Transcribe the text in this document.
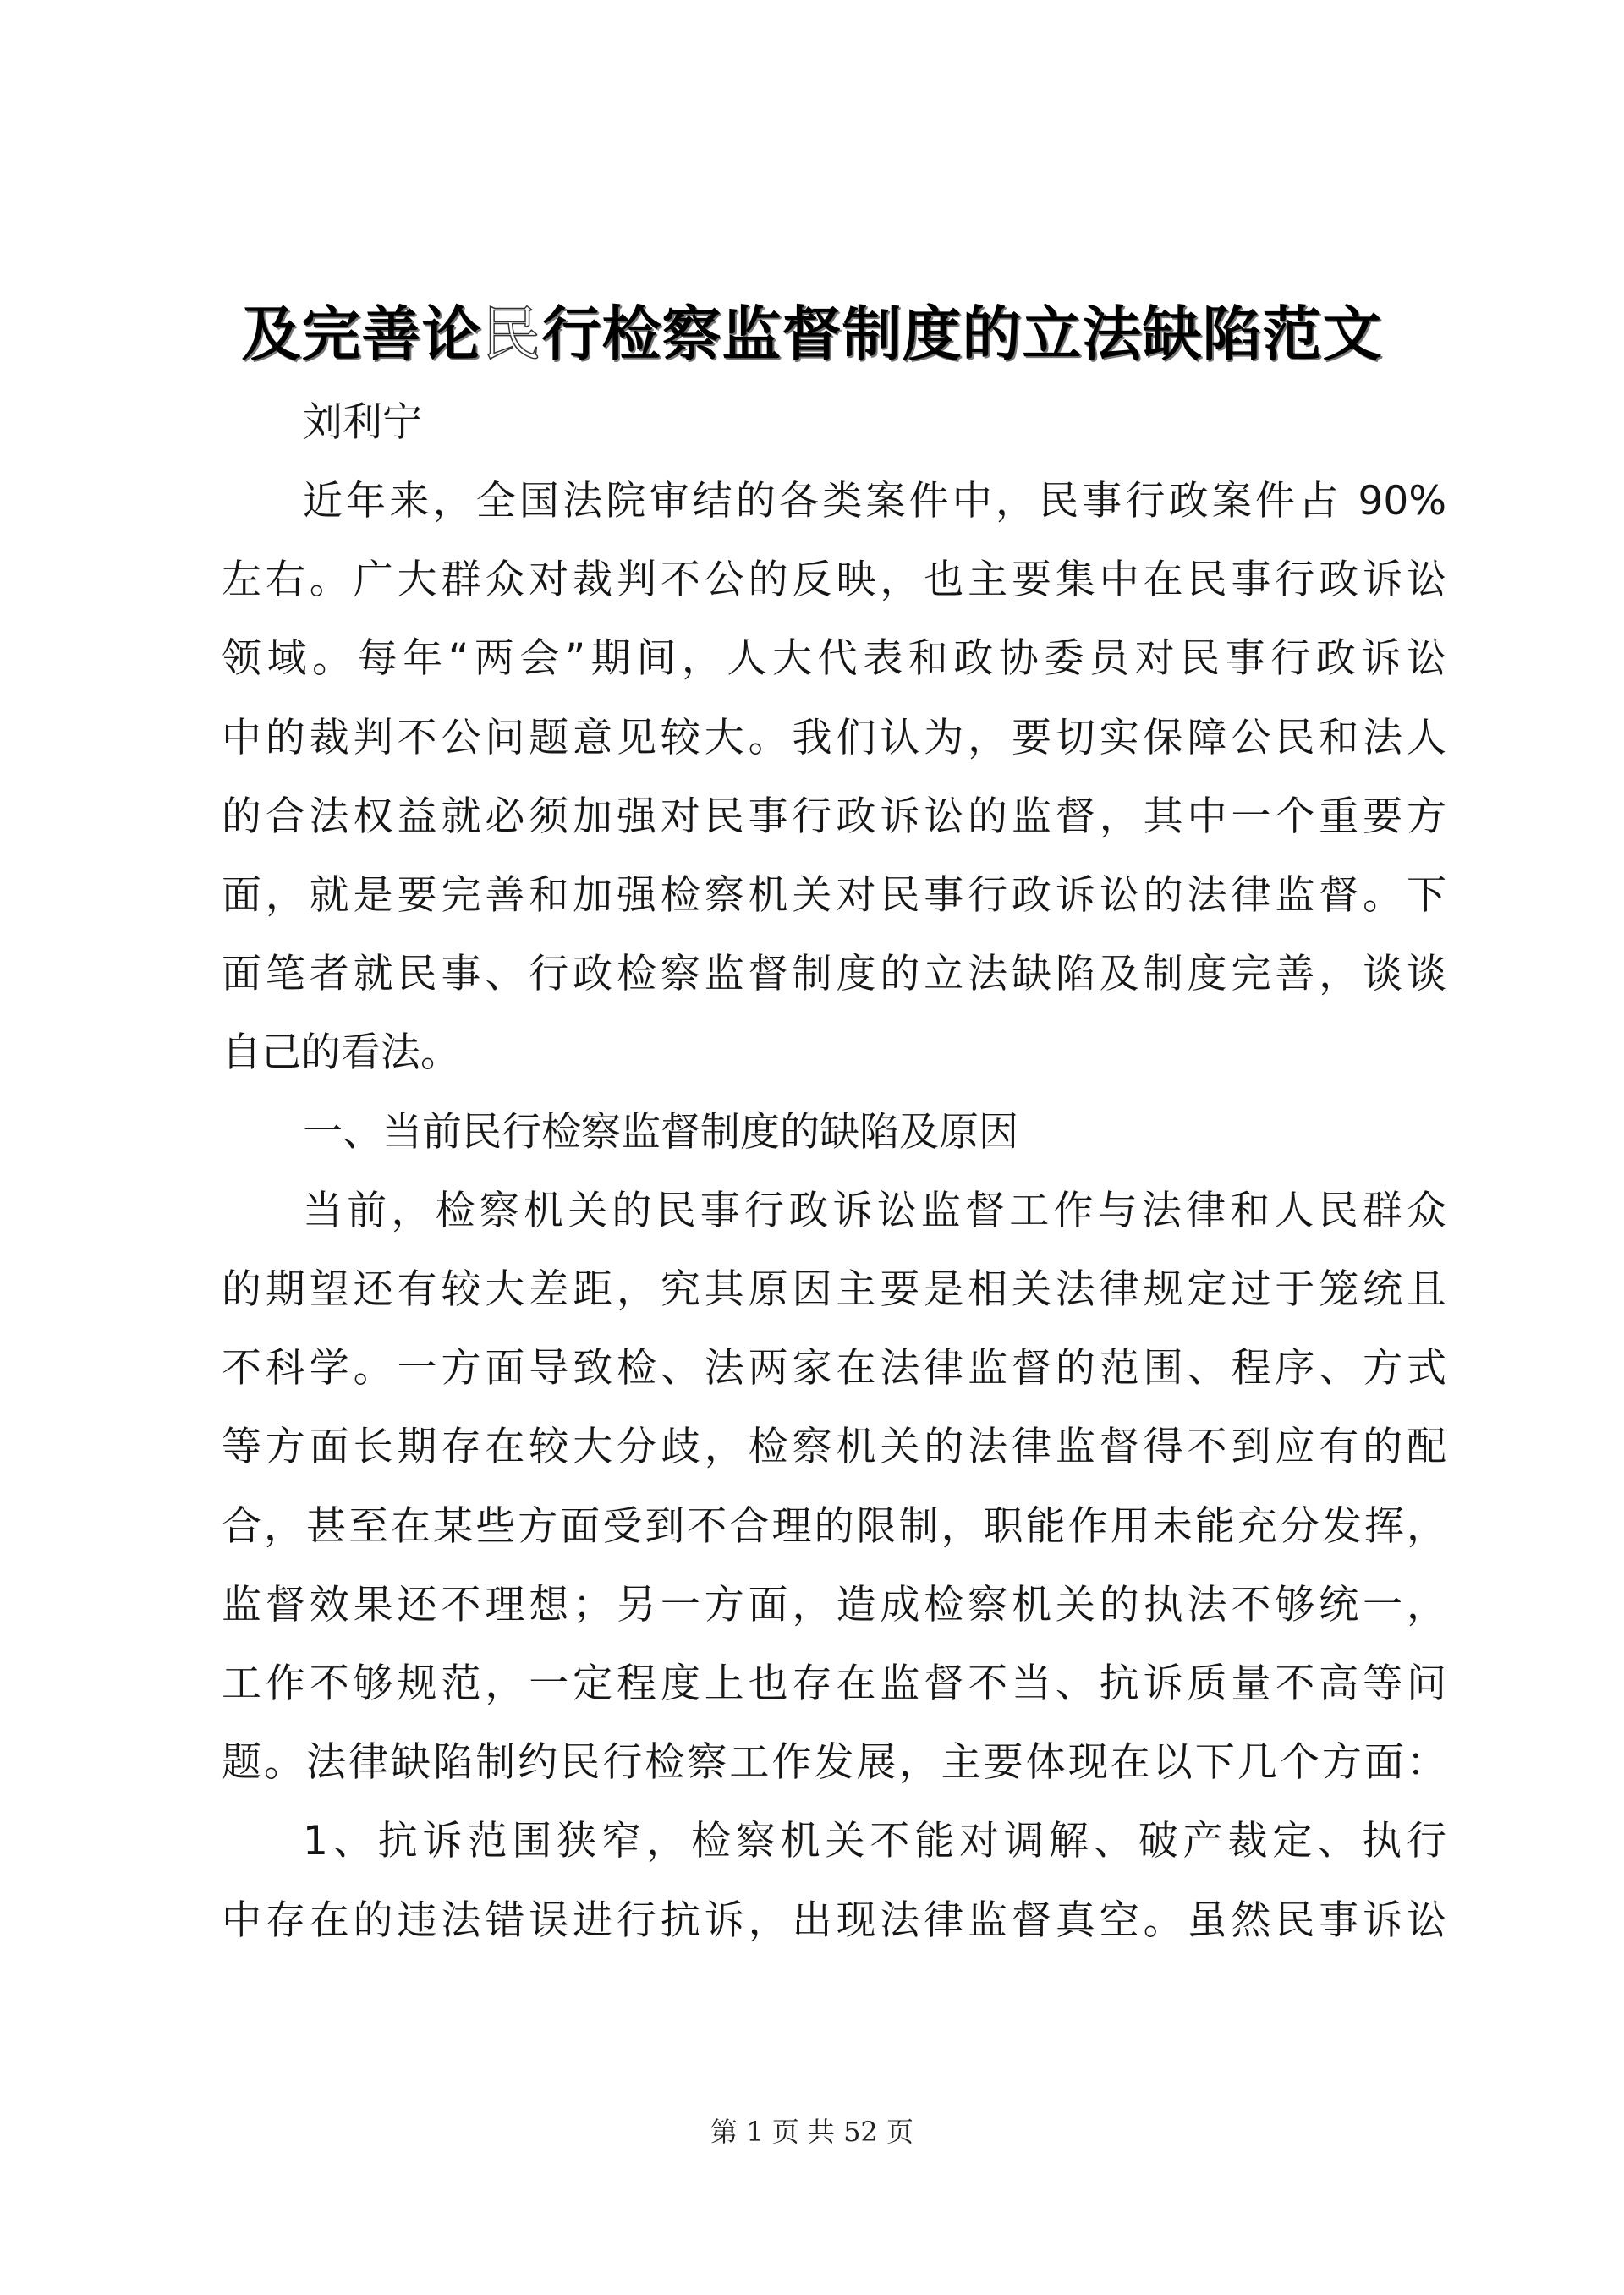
及完善论民行检察监督制度的立法缺陷范文
刘利宁
近年来，全国法院审结的各类案件中，民事行政案件占 90%
左右。广大群众对裁判不公的反映，也主要集中在民事行政诉讼
领域。每年“两会”期间，人大代表和政协委员对民事行政诉讼
中的裁判不公问题意见较大。我们认为，要切实保障公民和法人
的合法权益就必须加强对民事行政诉讼的监督，其中一个重要方
面，就是要完善和加强检察机关对民事行政诉讼的法律监督。下
面笔者就民事、行政检察监督制度的立法缺陷及制度完善，谈谈
自己的看法。
一、当前民行检察监督制度的缺陷及原因
当前，检察机关的民事行政诉讼监督工作与法律和人民群众
的期望还有较大差距，究其原因主要是相关法律规定过于笼统且
不科学。一方面导致检、法两家在法律监督的范围、程序、方式
等方面长期存在较大分歧，检察机关的法律监督得不到应有的配
合，甚至在某些方面受到不合理的限制，职能作用未能充分发挥，
监督效果还不理想；另一方面，造成检察机关的执法不够统一，
工作不够规范，一定程度上也存在监督不当、抗诉质量不高等问
题。法律缺陷制约民行检察工作发展，主要体现在以下几个方面：
1、抗诉范围狭窄，检察机关不能对调解、破产裁定、执行
中存在的违法错误进行抗诉，出现法律监督真空。虽然民事诉讼
第 1 页 共 52 页
